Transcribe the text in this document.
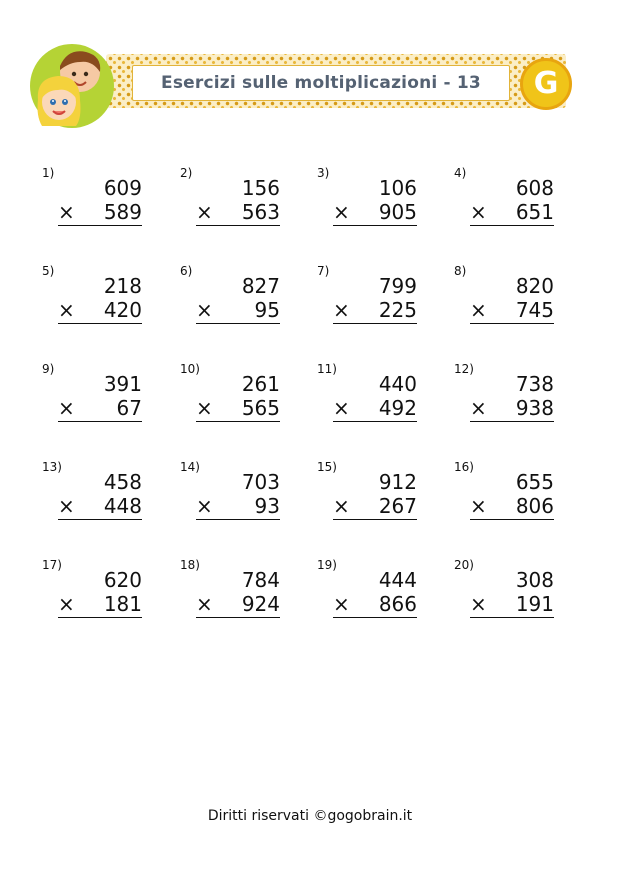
Esercizi sulle moltiplicazioni - 13 G
1)
609
× 589
2)
156
× 563
3)
106
× 905
4)
608
× 651
5)
218
× 420
6)
827
× 95
7)
799
× 225
8)
820
× 745
9)
391
× 67
10)
261
× 565
11)
440
× 492
12)
738
× 938
13)
458
× 448
14)
703
× 93
15)
912
× 267
16)
655
× 806
17)
620
× 181
18)
784
× 924
19)
444
× 866
20)
308
× 191
Diritti riservati ©gogobrain.it
